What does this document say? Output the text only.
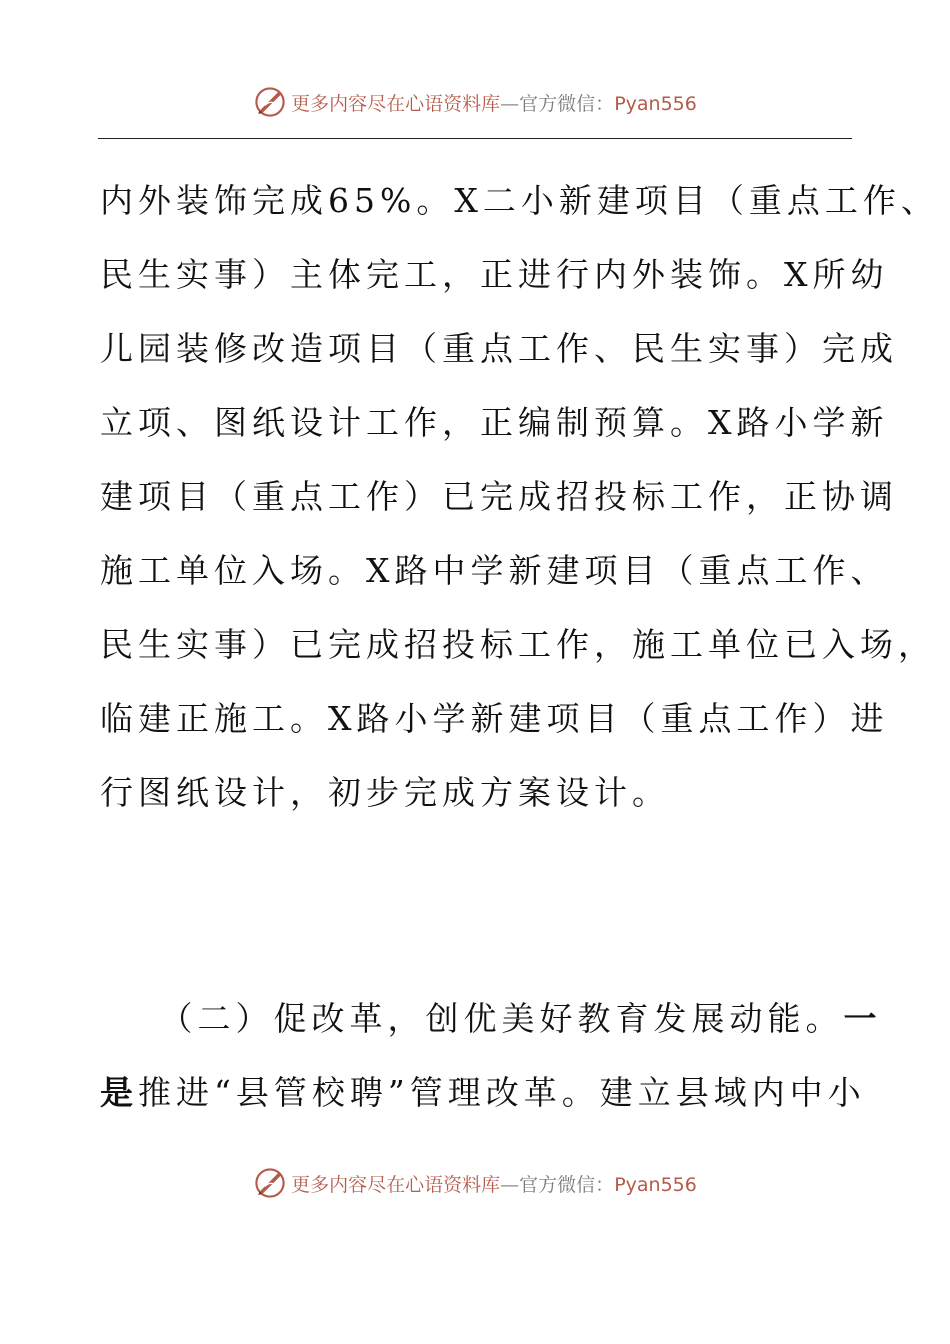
更多内容尽在心语资料库—官方微信：Pyan556
内外装饰完成65%。X二小新建项目（重点工作、
民生实事）主体完工，正进行内外装饰。X所幼
儿园装修改造项目（重点工作、民生实事）完成
立项、图纸设计工作，正编制预算。X路小学新
建项目（重点工作）已完成招投标工作，正协调
施工单位入场。X路中学新建项目（重点工作、
民生实事）已完成招投标工作，施工单位已入场，
临建正施工。X路小学新建项目（重点工作）进
行图纸设计，初步完成方案设计。
　　（二）促改革，创优美好教育发展动能。一
是推进“县管校聘”管理改革。建立县域内中小
更多内容尽在心语资料库—官方微信：Pyan556
